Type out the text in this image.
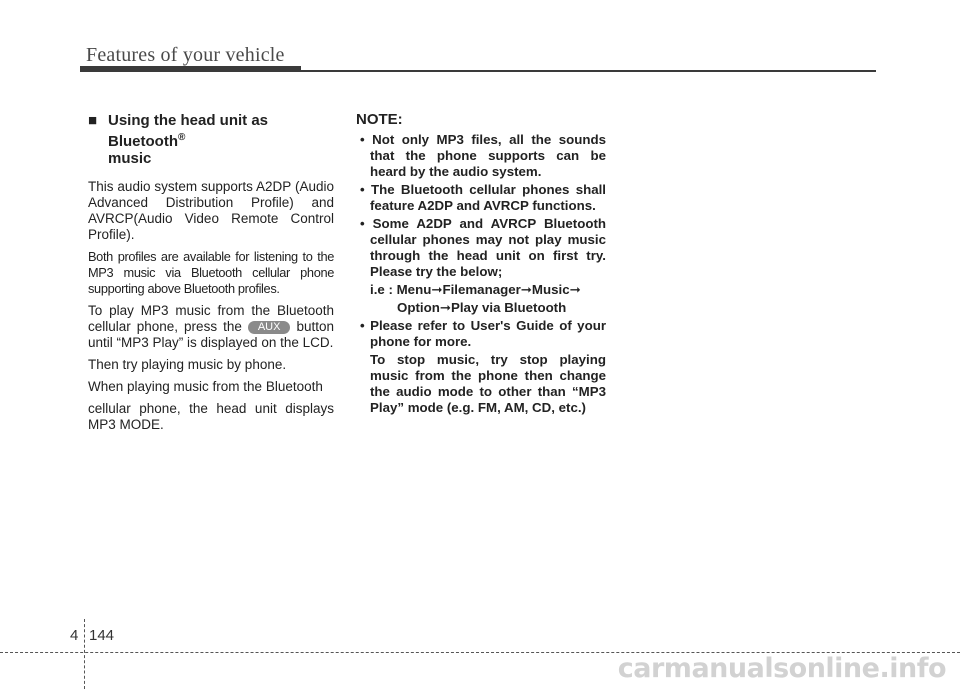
Features of your vehicle
■ Using the head unit as Bluetooth®
music

This audio system supports A2DP (Audio Advanced Distribution Profile) and AVRCP(Audio Video Remote Control Profile).

Both profiles are available for listening to the MP3 music via Bluetooth cellular phone supporting above Bluetooth profiles.

To play MP3 music from the Bluetooth cellular phone, press the AUX button until “MP3 Play” is displayed on the LCD.

Then try playing music by phone.

When playing music from the Bluetooth

cellular phone, the head unit displays MP3 MODE.

NOTE:
• Not only MP3 files, all the sounds that the phone supports can be heard by the audio system.
• The Bluetooth cellular phones shall feature A2DP and AVRCP functions.
• Some A2DP and AVRCP Bluetooth cellular phones may not play music through the head unit on first try. Please try the below;
i.e : Menu➞Filemanager➞Music➞
Option➞Play via Bluetooth
• Please refer to User's Guide of your phone for more.
To stop music, try stop playing music from the phone then change the audio mode to other than “MP3 Play” mode (e.g. FM, AM, CD, etc.)
4 144
carmanualsonline.info
